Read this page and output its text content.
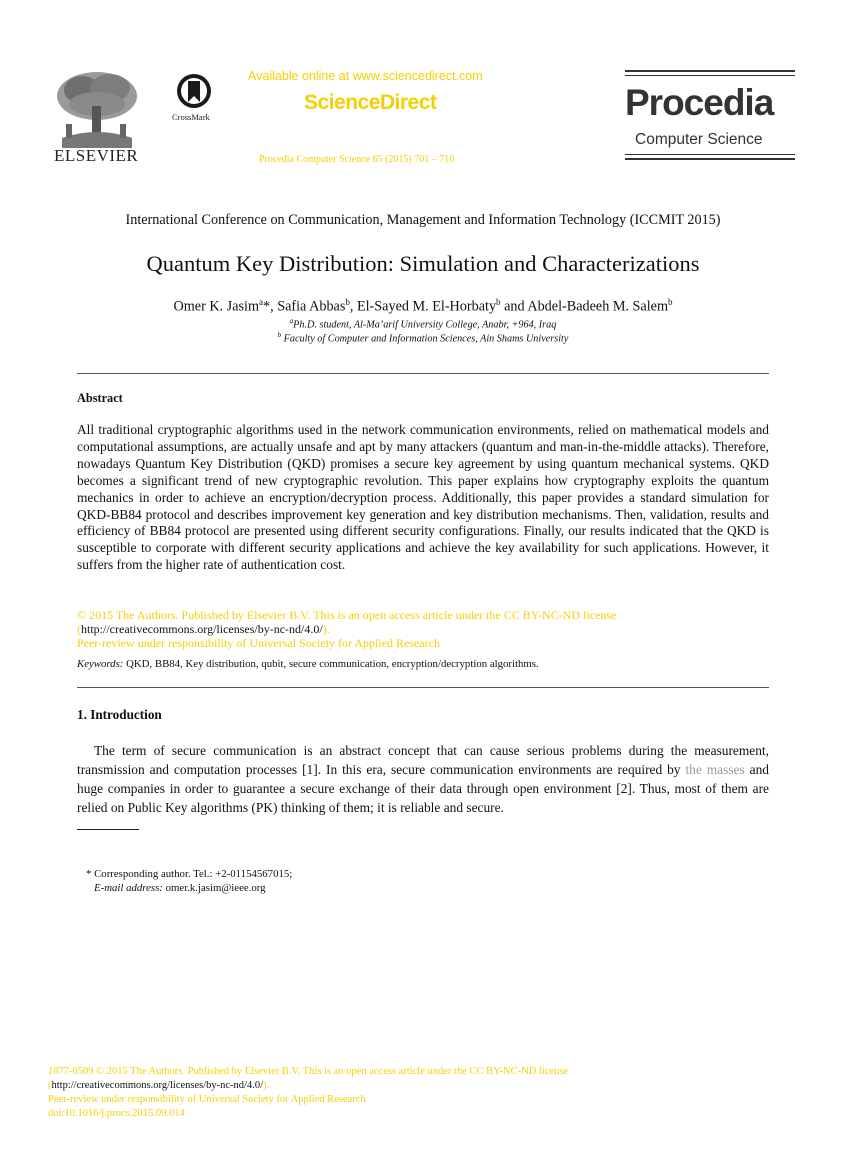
ELSEVIER
CrossMark
Available online at www.sciencedirect.com
ScienceDirect
Procedia Computer Science 65 (2015) 701 – 710
Procedia
Computer Science
International Conference on Communication, Management and Information Technology (ICCMIT 2015)
Quantum Key Distribution: Simulation and Characterizations
Omer K. Jasim$^a$*, Safia Abbas$^b$, El-Sayed M. El-Horbaty$^b$ and Abdel-Badeeh M. Salem$^b$
$^a$Ph.D. student, Al-Maʼarif University College, Anabr, +964, Iraq
$^b$ Faculty of Computer and Information Sciences, Ain Shams University
Abstract
All traditional cryptographic algorithms used in the network communication environments, relied on mathematical models and computational assumptions, are actually unsafe and apt by many attackers (quantum and man-in-the-middle attacks). Therefore, nowadays Quantum Key Distribution (QKD) promises a secure key agreement by using quantum mechanical systems. QKD becomes a significant trend of new cryptographic revolution. This paper explains how cryptography exploits the quantum mechanics in order to achieve an encryption/decryption process. Additionally, this paper provides a standard simulation for QKD-BB84 protocol and describes improvement key generation and key distribution mechanisms. Then, validation, results and efficiency of BB84 protocol are presented using different security configurations. Finally, our results indicated that the QKD is susceptible to corporate with different security applications and achieve the key availability for such applications. However, it suffers from the higher rate of authentication cost.
© 2015 The Authors. Published by Elsevier B.V. This is an open access article under the CC BY-NC-ND license
(http://creativecommons.org/licenses/by-nc-nd/4.0/).
Peer-review under responsibility of Universal Society for Applied Research
Keywords: QKD, BB84, Key distribution, qubit, secure communication, encryption/decryption algorithms.
1. Introduction
The term of secure communication is an abstract concept that can cause serious problems during the measurement, transmission and computation processes [1]. In this era, secure communication environments are required by the masses and huge companies in order to guarantee a secure exchange of their data through open environment [2]. Thus, most of them are relied on Public Key algorithms (PK) thinking of them; it is reliable and secure.
* Corresponding author. Tel.: +2-01154567015;
E-mail address: omer.k.jasim@ieee.org
1877-0509 © 2015 The Authors. Published by Elsevier B.V. This is an open access article under the CC BY-NC-ND license
(http://creativecommons.org/licenses/by-nc-nd/4.0/).
Peer-review under responsibility of Universal Society for Applied Research
doi:10.1016/j.procs.2015.09.014
